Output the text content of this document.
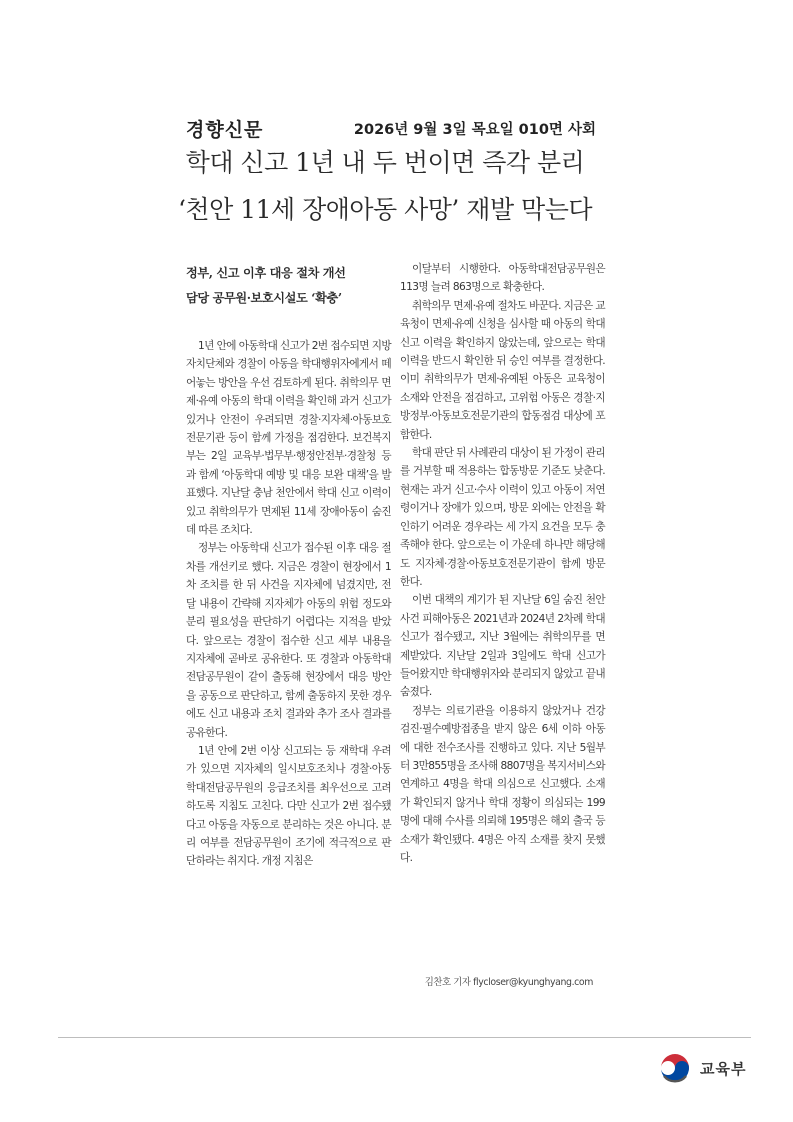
경향신문	2026년 9월 3일 목요일 010면 사회
학대 신고 1년 내 두 번이면 즉각 분리
‘천안 11세 장애아동 사망’ 재발 막는다
정부, 신고 이후 대응 절차 개선
담당 공무원·보호시설도 ‘확충’

1년 안에 아동학대 신고가 2번 접수되면 지방자치단체와 경찰이 아동을 학대행위자에게서 떼어놓는 방안을 우선 검토하게 된다. 취학의무 면제·유예 아동의 학대 이력을 확인해 과거 신고가 있거나 안전이 우려되면 경찰·지자체·아동보호전문기관 등이 함께 가정을 점검한다. 보건복지부는 2일 교육부·법무부·행정안전부·경찰청 등과 함께 ‘아동학대 예방 및 대응 보완 대책’을 발표했다. 지난달 충남 천안에서 학대 신고 이력이 있고 취학의무가 면제된 11세 장애아동이 숨진 데 따른 조치다.

정부는 아동학대 신고가 접수된 이후 대응 절차를 개선키로 했다. 지금은 경찰이 현장에서 1차 조치를 한 뒤 사건을 지자체에 넘겼지만, 전달 내용이 간략해 지자체가 아동의 위험 정도와 분리 필요성을 판단하기 어렵다는 지적을 받았다. 앞으로는 경찰이 접수한 신고 세부 내용을 지자체에 곧바로 공유한다. 또 경찰과 아동학대전담공무원이 같이 출동해 현장에서 대응 방안을 공동으로 판단하고, 함께 출동하지 못한 경우에도 신고 내용과 조치 결과와 추가 조사 결과를 공유한다.

1년 안에 2번 이상 신고되는 등 재학대 우려가 있으면 지자체의 일시보호조치나 경찰·아동학대전담공무원의 응급조치를 최우선으로 고려하도록 지침도 고친다. 다만 신고가 2번 접수됐다고 아동을 자동으로 분리하는 것은 아니다. 분리 여부를 전담공무원이 조기에 적극적으로 판단하라는 취지다. 개정 지침은

이달부터 시행한다. 아동학대전담공무원은 113명 늘려 863명으로 확충한다.

취학의무 면제·유예 절차도 바꾼다. 지금은 교육청이 면제·유예 신청을 심사할 때 아동의 학대 신고 이력을 확인하지 않았는데, 앞으로는 학대 이력을 반드시 확인한 뒤 승인 여부를 결정한다. 이미 취학의무가 면제·유예된 아동은 교육청이 소재와 안전을 점검하고, 고위험 아동은 경찰·지방정부·아동보호전문기관의 합동점검 대상에 포함한다.

학대 판단 뒤 사례관리 대상이 된 가정이 관리를 거부할 때 적용하는 합동방문 기준도 낮춘다. 현재는 과거 신고·수사 이력이 있고 아동이 저연령이거나 장애가 있으며, 방문 외에는 안전을 확인하기 어려운 경우라는 세 가지 요건을 모두 충족해야 한다. 앞으로는 이 가운데 하나만 해당해도 지자체·경찰·아동보호전문기관이 함께 방문한다.

이번 대책의 계기가 된 지난달 6일 숨진 천안 사건 피해아동은 2021년과 2024년 2차례 학대 신고가 접수됐고, 지난 3월에는 취학의무를 면제받았다. 지난달 2일과 3일에도 학대 신고가 들어왔지만 학대행위자와 분리되지 않았고 끝내 숨졌다.

정부는 의료기관을 이용하지 않았거나 건강검진·필수예방접종을 받지 않은 6세 이하 아동에 대한 전수조사를 진행하고 있다. 지난 5월부터 3만855명을 조사해 8807명을 복지서비스와 연계하고 4명을 학대 의심으로 신고했다. 소재가 확인되지 않거나 학대 정황이 의심되는 199명에 대해 수사를 의뢰해 195명은 해외 출국 등 소재가 확인됐다. 4명은 아직 소재를 찾지 못했다.

김찬호 기자 flycloser@kyunghyang.com
교육부
